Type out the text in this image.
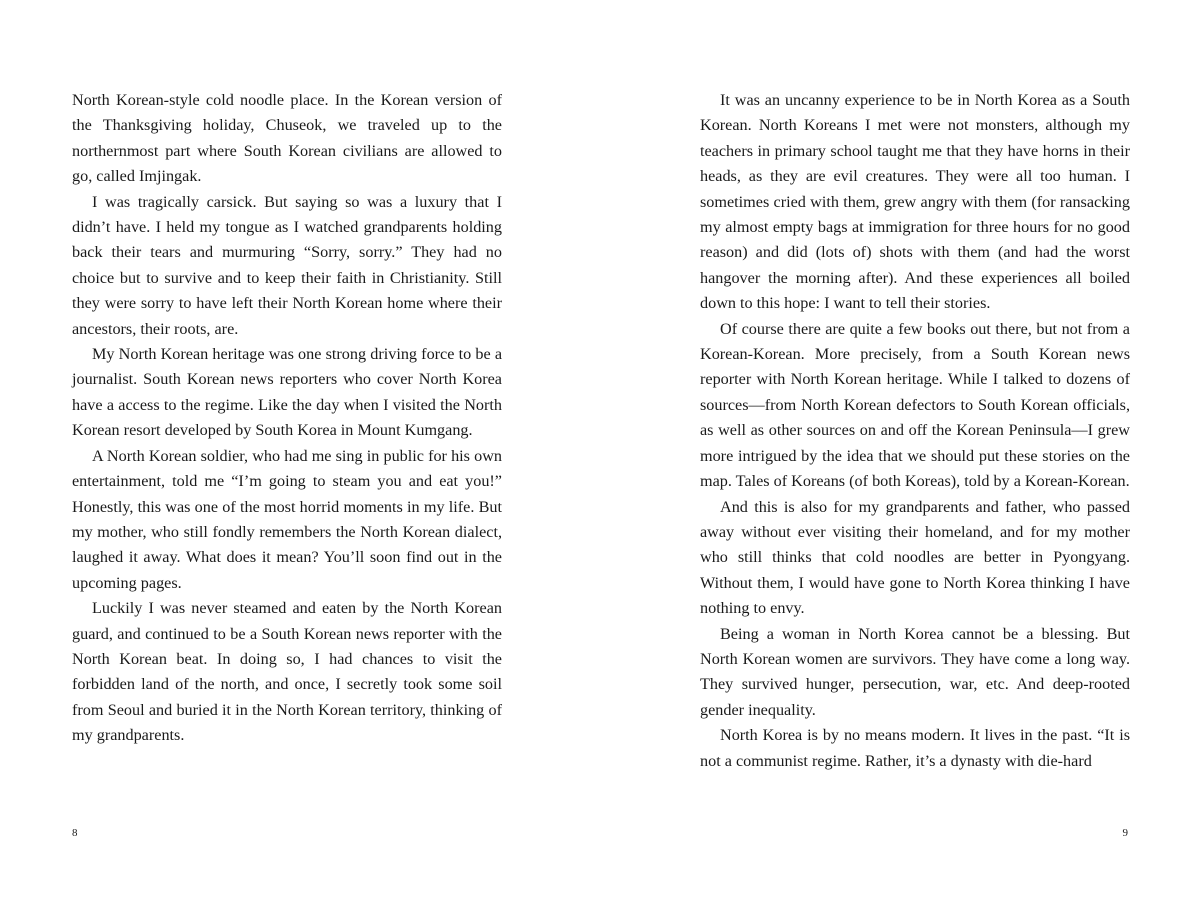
North Korean-style cold noodle place. In the Korean version of the Thanksgiving holiday, Chuseok, we traveled up to the northernmost part where South Korean civilians are allowed to go, called Imjingak.

I was tragically carsick. But saying so was a luxury that I didn’t have. I held my tongue as I watched grandparents holding back their tears and murmuring “Sorry, sorry.” They had no choice but to survive and to keep their faith in Christianity. Still they were sorry to have left their North Korean home where their ancestors, their roots, are.

My North Korean heritage was one strong driving force to be a journalist. South Korean news reporters who cover North Korea have a access to the regime. Like the day when I visited the North Korean resort developed by South Korea in Mount Kumgang.

A North Korean soldier, who had me sing in public for his own entertainment, told me “I’m going to steam you and eat you!” Honestly, this was one of the most horrid moments in my life. But my mother, who still fondly remembers the North Korean dialect, laughed it away. What does it mean? You’ll soon find out in the upcoming pages.

Luckily I was never steamed and eaten by the North Korean guard, and continued to be a South Korean news reporter with the North Korean beat. In doing so, I had chances to visit the forbidden land of the north, and once, I secretly took some soil from Seoul and buried it in the North Korean territory, thinking of my grandparents.

8

It was an uncanny experience to be in North Korea as a South Korean. North Koreans I met were not monsters, although my teachers in primary school taught me that they have horns in their heads, as they are evil creatures. They were all too human. I sometimes cried with them, grew angry with them (for ransacking my almost empty bags at immigration for three hours for no good reason) and did (lots of) shots with them (and had the worst hangover the morning after). And these experiences all boiled down to this hope: I want to tell their stories.

Of course there are quite a few books out there, but not from a Korean-Korean. More precisely, from a South Korean news reporter with North Korean heritage. While I talked to dozens of sources—from North Korean defectors to South Korean officials, as well as other sources on and off the Korean Peninsula—I grew more intrigued by the idea that we should put these stories on the map. Tales of Koreans (of both Koreas), told by a Korean-Korean.

And this is also for my grandparents and father, who passed away without ever visiting their homeland, and for my mother who still thinks that cold noodles are better in Pyongyang. Without them, I would have gone to North Korea thinking I have nothing to envy.

Being a woman in North Korea cannot be a blessing. But North Korean women are survivors. They have come a long way. They survived hunger, persecution, war, etc. And deep-rooted gender inequality.

North Korea is by no means modern. It lives in the past. “It is not a communist regime. Rather, it’s a dynasty with die-hard

9
